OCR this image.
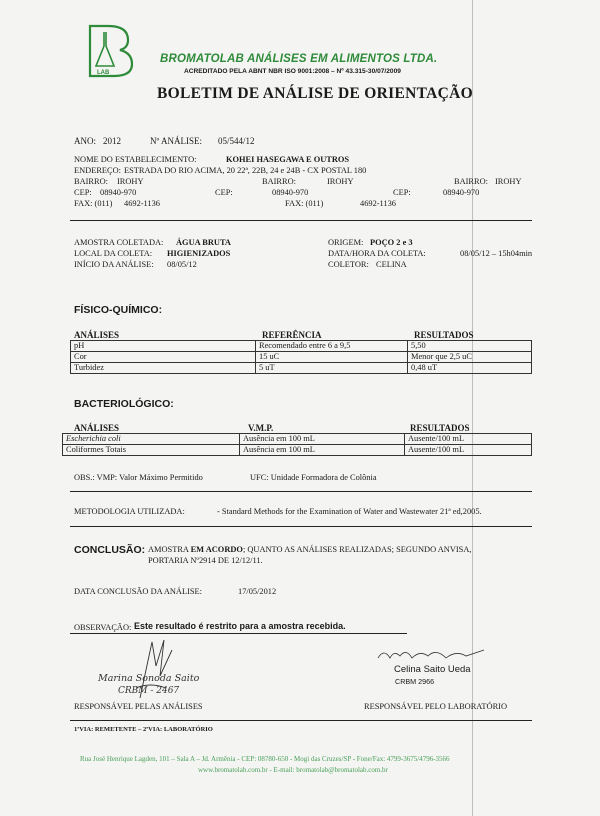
LAB
BROMATOLAB ANÁLISES EM ALIMENTOS LTDA.
ACREDITADO PELA ABNT NBR ISO 9001:2008 – Nº 43.315-30/07/2009
BOLETIM DE ANÁLISE DE ORIENTAÇÃO
ANO: 2012	Nº ANÁLISE: 05/544/12
NOME DO ESTABELECIMENTO:	KOHEI HASEGAWA E OUTROS
ENDEREÇO: ESTRADA DO RIO ACIMA, 20 22ª, 22B, 24 e 24B - CX POSTAL 180
BAIRRO: IROHY	BAIRRO:	IROHY	BAIRRO: IROHY
CEP: 08940-970	CEP:	08940-970	CEP:	08940-970
FAX: (011) 4692-1136	FAX: (011)	4692-1136
AMOSTRA COLETADA: ÁGUA BRUTA
LOCAL DA COLETA: HIGIENIZADOS
INÍCIO DA ANÁLISE: 08/05/12
ORIGEM: POÇO 2 e 3
DATA/HORA DA COLETA:	08/05/12 – 15h04min
COLETOR: CELINA
FÍSICO-QUÍMICO:
ANÁLISES	REFERÊNCIA	RESULTADOS
pH	Recomendado entre 6 a 9,5	5,50
Cor	15 uC	Menor que 2,5 uC
Turbidez	5 uT	0,48 uT
BACTERIOLÓGICO:
ANÁLISES	V.M.P.	RESULTADOS
Escherichia coli	Ausência em 100 mL	Ausente/100 mL
Coliformes Totais	Ausência em 100 mL	Ausente/100 mL
OBS.: VMP: Valor Máximo Permitido	UFC: Unidade Formadora de Colônia
METODOLOGIA UTILIZADA:	- Standard Methods for the Examination of Water and Wastewater 21ª ed,2005.
CONCLUSÃO: AMOSTRA EM ACORDO; QUANTO AS ANÁLISES REALIZADAS; SEGUNDO ANVISA,
PORTARIA Nº2914 DE 12/12/11.
DATA CONCLUSÃO DA ANÁLISE:	17/05/2012
OBSERVAÇÃO: Este resultado é restrito para a amostra recebida.
Marina Sonoda Saito
CRBM - 2467
RESPONSÁVEL PELAS ANÁLISES
Celina Saito Ueda
CRBM 2966
RESPONSÁVEL PELO LABORATÓRIO
1ªVIA: REMETENTE – 2ªVIA: LABORATÓRIO
Rua José Henrique Lagden, 101 – Sala A – Jd. Armênia - CEP: 08780-650 - Mogi das Cruzes/SP - Fone/Fax: 4799-3675/4796-3566
www.bromatolab.com.br - E-mail: bromatolab@bromatolab.com.br
